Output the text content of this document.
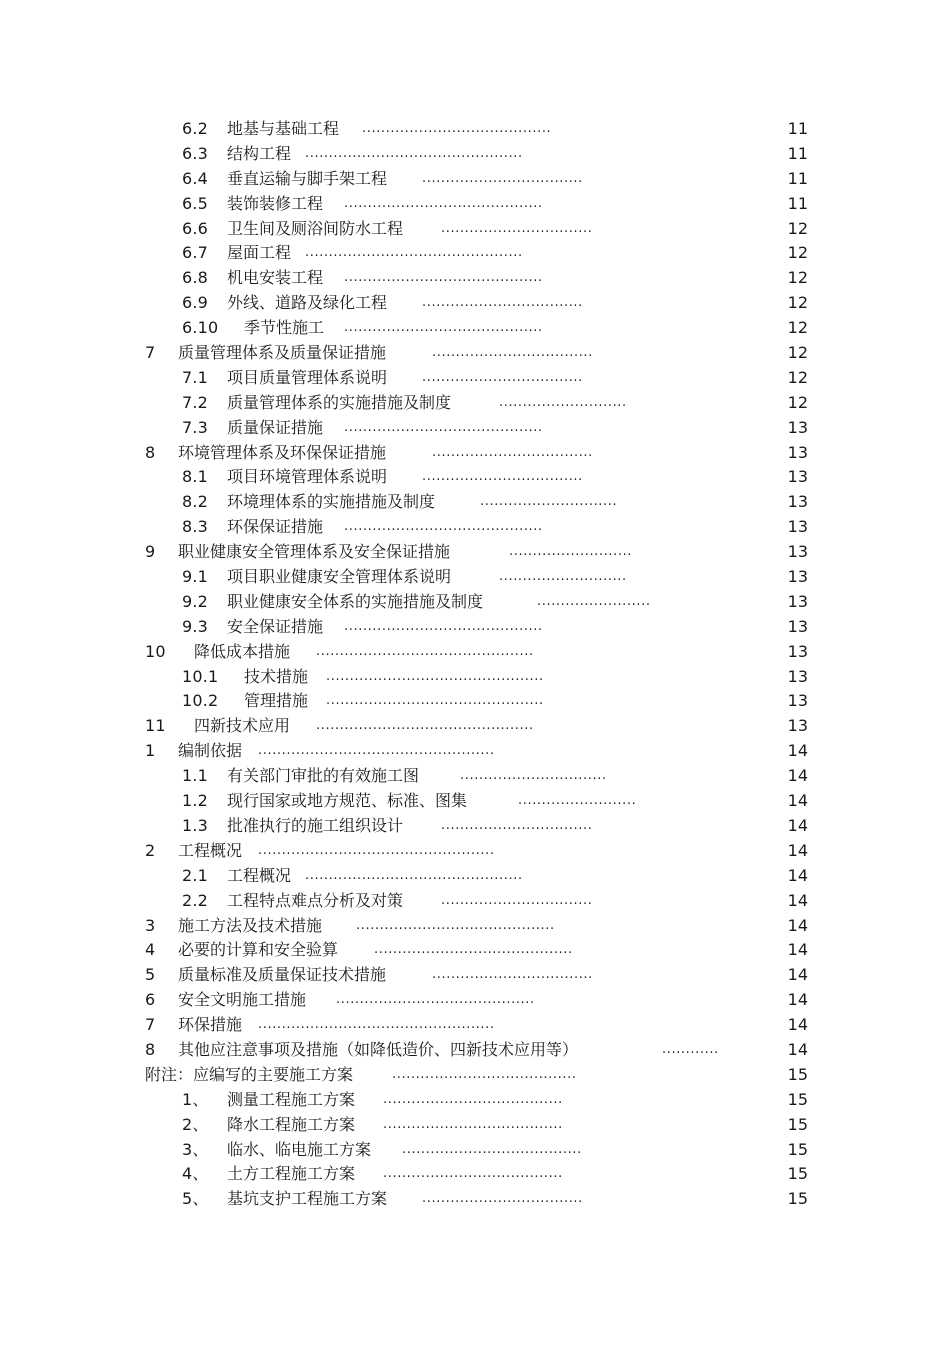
6.2 地基与基础工程 ........................................	11
6.3 结构工程 ..............................................	11
6.4 垂直运输与脚手架工程	..................................	11
6.5 装饰装修工程 ..........................................	11
6.6 卫生间及厕浴间防水工程	................................	12
6.7 屋面工程 ..............................................	12
6.8 机电安装工程 ..........................................	12
6.9 外线、道路及绿化工程	..................................	12
6.10 季节性施工 ..........................................	12
7 质量管理体系及质量保证措施	..................................	12
7.1 项目质量管理体系说明	..................................	12
7.2 质量管理体系的实施措施及制度	...........................	12
7.3 质量保证措施 ..........................................	13
8 环境管理体系及环保保证措施	..................................	13
8.1 项目环境管理体系说明	..................................	13
8.2 环境理体系的实施措施及制度	.............................	13
8.3 环保保证措施 ..........................................	13
9 职业健康安全管理体系及安全保证措施	..........................	13
9.1 项目职业健康安全管理体系说明	...........................	13
9.2 职业健康安全体系的实施措施及制度	........................	13
9.3 安全保证措施 ..........................................	13
10 降低成本措施 ..............................................	13
10.1 技术措施 ..............................................	13
10.2 管理措施 ..............................................	13
11 四新技术应用 ..............................................	13
1 编制依据 ..................................................	14
1.1 有关部门审批的有效施工图	...............................	14
1.2 现行国家或地方规范、标准、图集	.........................	14
1.3 批准执行的施工组织设计	................................	14
2 工程概况 ..................................................	14
2.1 工程概况 ..............................................	14
2.2 工程特点难点分析及对策	................................	14
3 施工方法及技术措施	..........................................	14
4 必要的计算和安全验算	..........................................	14
5 质量标准及质量保证技术措施	..................................	14
6 安全文明施工措施 ..........................................	14
7 环保措施 ..................................................	14
8 其他应注意事项及措施（如降低造价、四新技术应用等）	............	14
附注：应编写的主要施工方案	.......................................	15
1、 测量工程施工方案 ......................................	15
2、 降水工程施工方案 ......................................	15
3、 临水、临电施工方案 ......................................	15
4、 土方工程施工方案 ......................................	15
5、 基坑支护工程施工方案	..................................	15
